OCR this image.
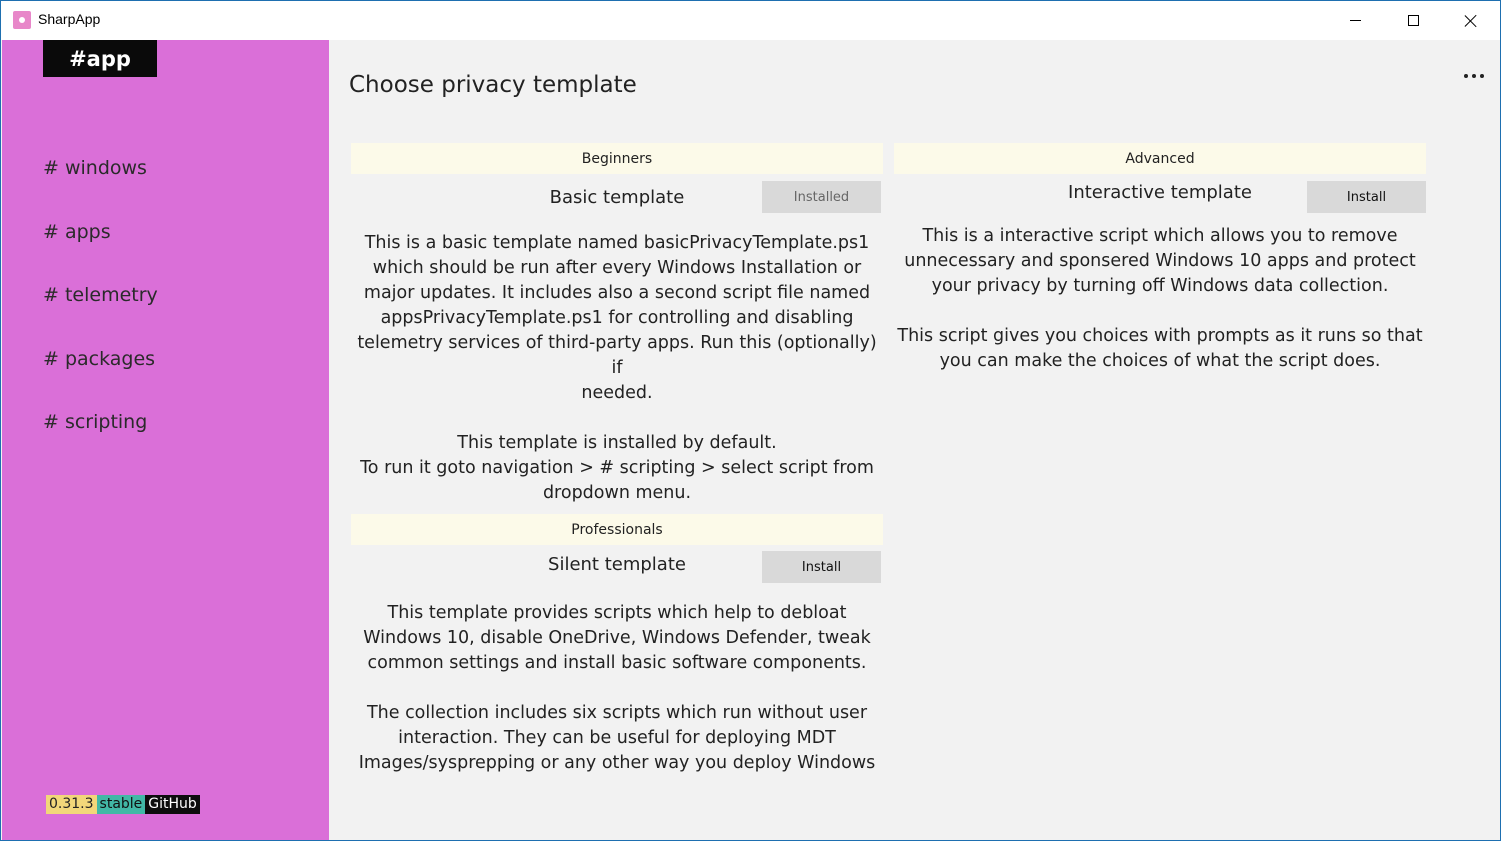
SharpApp
#app
# windows
# apps
# telemetry
# packages
# scripting
0.31.3 stable GitHub
Choose privacy template
Beginners
Basic template	Installed
This is a basic template named basicPrivacyTemplate.ps1
which should be run after every Windows Installation or
major updates. It includes also a second script file named
appsPrivacyTemplate.ps1 for controlling and disabling
telemetry services of third-party apps. Run this (optionally) if
needed.

This template is installed by default.
To run it goto navigation > # scripting > select script from
dropdown menu.
Advanced
Interactive template	Install
This is a interactive script which allows you to remove
unnecessary and sponsered Windows 10 apps and protect
your privacy by turning off Windows data collection.

This script gives you choices with prompts as it runs so that
you can make the choices of what the script does.
Professionals
Silent template	Install
This template provides scripts which help to debloat
Windows 10, disable OneDrive, Windows Defender, tweak
common settings and install basic software components.

The collection includes six scripts which run without user
interaction. They can be useful for deploying MDT
Images/sysprepping or any other way you deploy Windows
